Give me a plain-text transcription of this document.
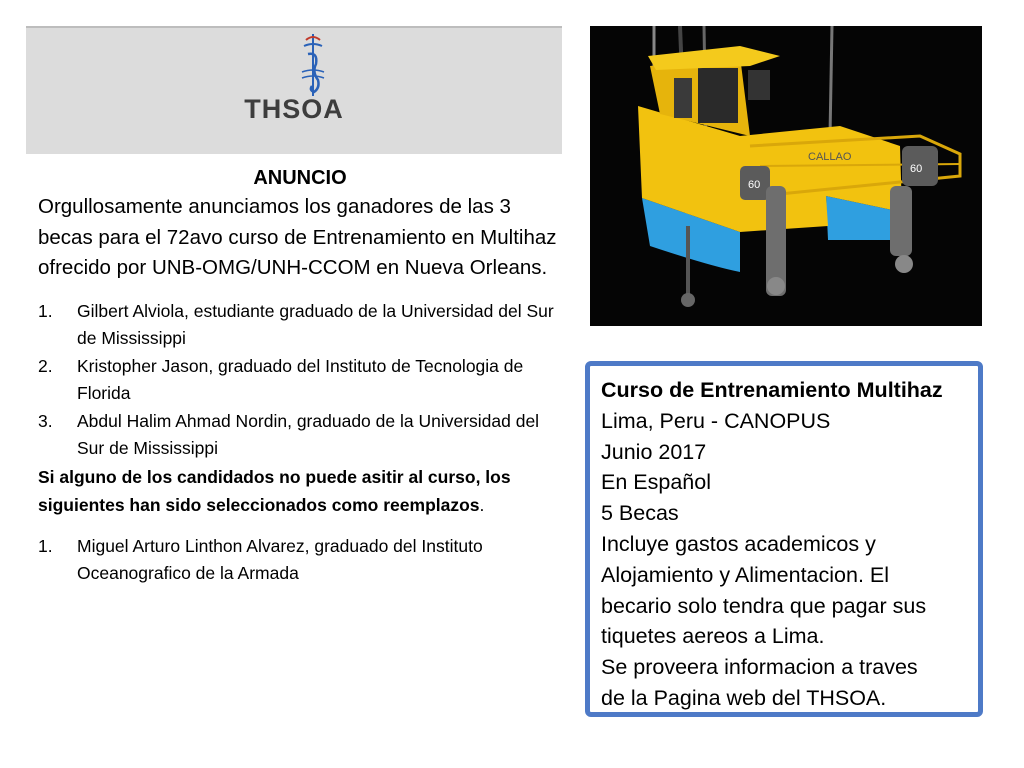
THSOA

ANUNCIO

Orgullosamente anunciamos los ganadores de las 3 becas para el 72avo curso de Entrenamiento en Multihaz ofrecido por UNB-OMG/UNH-CCOM en Nueva Orleans.

1. Gilbert Alviola, estudiante graduado de la Universidad del Sur de Mississippi
2. Kristopher Jason, graduado del Instituto de Tecnologia de Florida
3. Abdul Halim Ahmad Nordin, graduado de la Universidad del Sur de Mississippi

Si alguno de los candidados no puede asitir al curso, los siguientes han sido seleccionados como reemplazos.

1. Miguel Arturo Linthon Alvarez, graduado del Instituto Oceanografico de la Armada
CALLAO
60
60
Curso de Entrenamiento Multihaz
Lima, Peru - CANOPUS
Junio 2017
En Español
5 Becas
Incluye gastos academicos y
Alojamiento y Alimentacion. El
becario solo tendra que pagar sus
tiquetes aereos a Lima.
Se proveera informacion a traves
de la Pagina web del THSOA.
